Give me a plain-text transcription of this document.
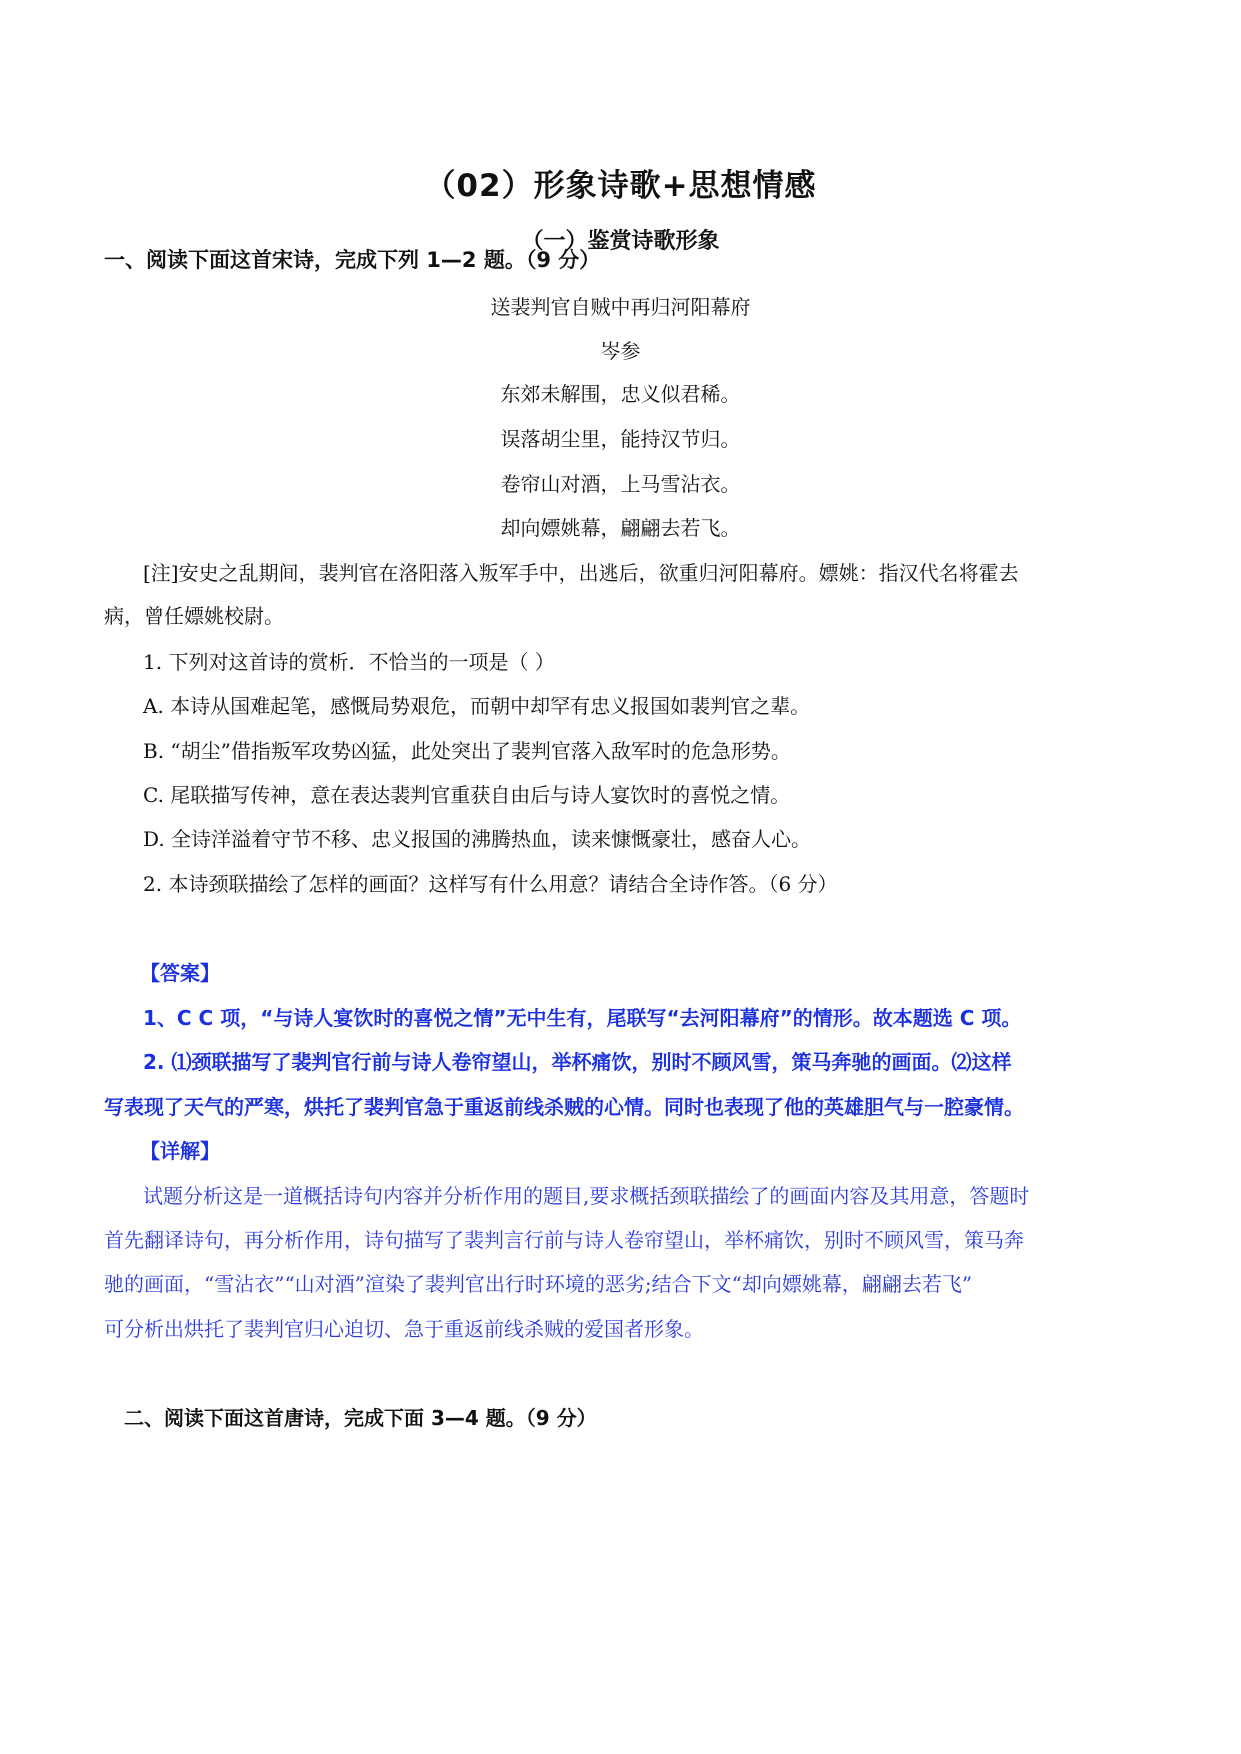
（02）形象诗歌+思想情感
（一）鉴赏诗歌形象
一、阅读下面这首宋诗，完成下列 1—2 题。（9 分）
送裴判官自贼中再归河阳幕府
岑参
东郊未解围，忠义似君稀。
误落胡尘里，能持汉节归。
卷帘山对酒，上马雪沾衣。
却向嫖姚幕，翩翩去若飞。
[注]安史之乱期间，裴判官在洛阳落入叛军手中，出逃后，欲重归河阳幕府。嫖姚：指汉代名将霍去
病，曾任嫖姚校尉。
1. 下列对这首诗的赏析．不恰当的一项是（ ）
A. 本诗从国难起笔，感慨局势艰危，而朝中却罕有忠义报国如裴判官之辈。
B. “胡尘”借指叛军攻势凶猛，此处突出了裴判官落入敌军时的危急形势。
C. 尾联描写传神，意在表达裴判官重获自由后与诗人宴饮时的喜悦之情。
D. 全诗洋溢着守节不移、忠义报国的沸腾热血，读来慷慨豪壮，感奋人心。
2. 本诗颈联描绘了怎样的画面？这样写有什么用意？请结合全诗作答。（6 分）
【答案】
1、C C 项，“与诗人宴饮时的喜悦之情”无中生有，尾联写“去河阳幕府”的情形。故本题选 C 项。
2. ⑴颈联描写了裴判官行前与诗人卷帘望山，举杯痛饮，别时不顾风雪，策马奔驰的画面。⑵这样
写表现了天气的严寒，烘托了裴判官急于重返前线杀贼的心情。同时也表现了他的英雄胆气与一腔豪情。
【详解】
试题分析这是一道概括诗句内容并分析作用的题目,要求概括颈联描绘了的画面内容及其用意，答题时
首先翻译诗句，再分析作用，诗句描写了裴判言行前与诗人卷帘望山，举杯痛饮，别时不顾风雪，策马奔
驰的画面，“雪沾衣”“山对酒”渲染了裴判官出行时环境的恶劣;结合下文“却向嫖姚幕，翩翩去若飞”
可分析出烘托了裴判官归心迫切、急于重返前线杀贼的爱国者形象。
二、阅读下面这首唐诗，完成下面 3—4 题。（9 分）
